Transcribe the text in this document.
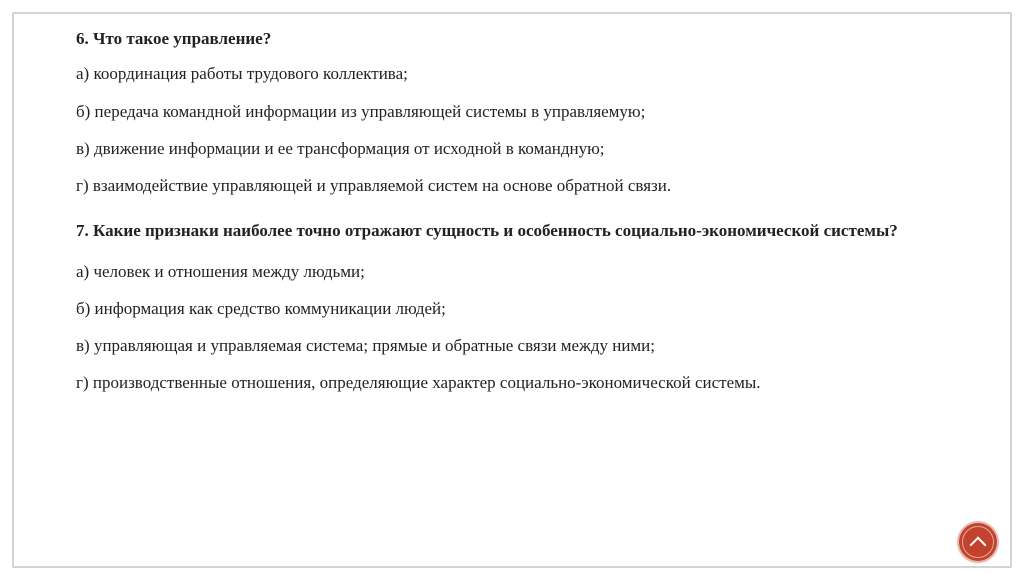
6. Что такое управление?
а) координация работы трудового коллектива;
б) передача командной информации из управляющей системы в управляемую;
в) движение информации и ее трансформация от исходной в командную;
г) взаимодействие управляющей и управляемой систем на основе обратной связи.
7. Какие признаки наиболее точно отражают сущность и особенность социально-экономической системы?
а) человек и отношения между людьми;
б) информация как средство коммуникации людей;
в) управляющая и управляемая система; прямые и обратные связи между ними;
г) производственные отношения, определяющие характер социально-экономической системы.
